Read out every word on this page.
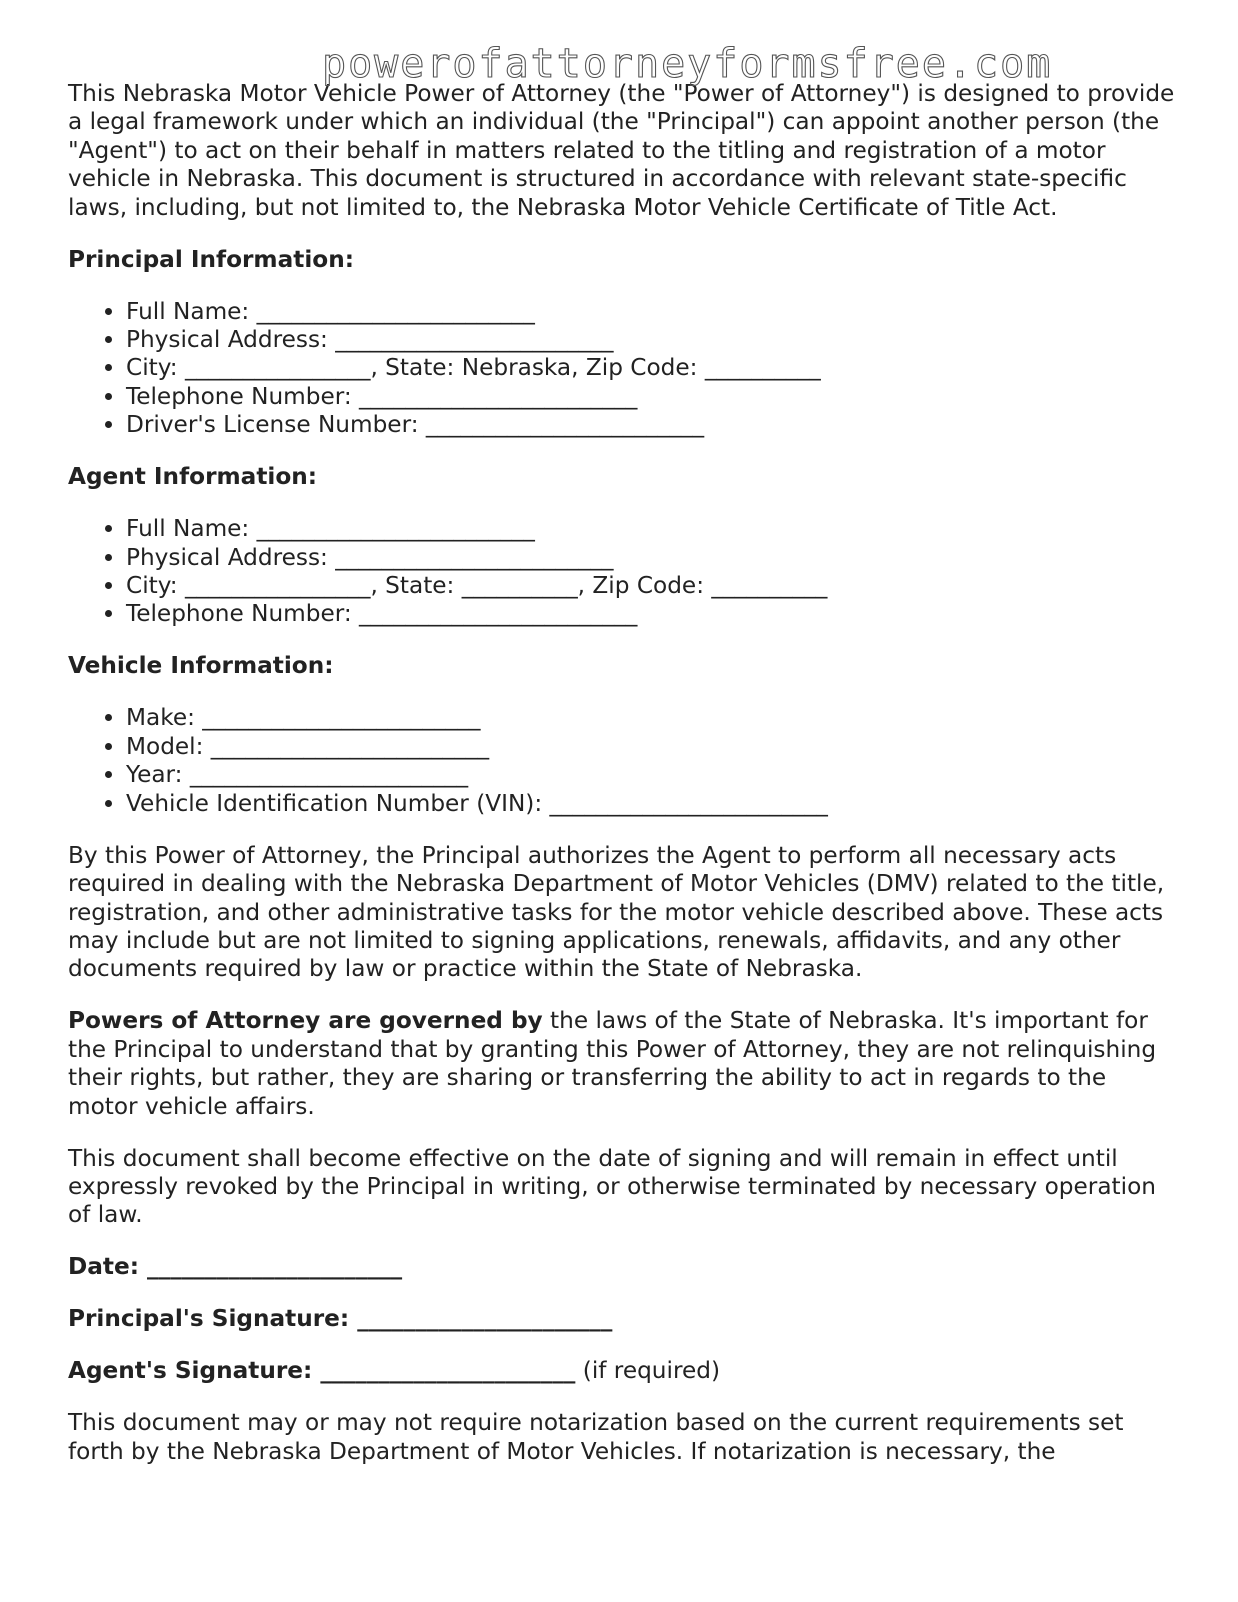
powerofattorneyformsfree.com

This Nebraska Motor Vehicle Power of Attorney (the "Power of Attorney") is designed to provide a legal framework under which an individual (the "Principal") can appoint another person (the "Agent") to act on their behalf in matters related to the titling and registration of a motor vehicle in Nebraska. This document is structured in accordance with relevant state-specific laws, including, but not limited to, the Nebraska Motor Vehicle Certificate of Title Act.

Principal Information:
• Full Name: ________________________
• Physical Address: ________________________
• City: ________________, State: Nebraska, Zip Code: __________
• Telephone Number: ________________________
• Driver's License Number: ________________________
Agent Information:
• Full Name: ________________________
• Physical Address: ________________________
• City: ________________, State: __________, Zip Code: __________
• Telephone Number: ________________________
Vehicle Information:
• Make: ________________________
• Model: ________________________
• Year: ________________________
• Vehicle Identification Number (VIN): ________________________

By this Power of Attorney, the Principal authorizes the Agent to perform all necessary acts required in dealing with the Nebraska Department of Motor Vehicles (DMV) related to the title, registration, and other administrative tasks for the motor vehicle described above. These acts may include but are not limited to signing applications, renewals, affidavits, and any other documents required by law or practice within the State of Nebraska.

Powers of Attorney are governed by the laws of the State of Nebraska. It's important for the Principal to understand that by granting this Power of Attorney, they are not relinquishing their rights, but rather, they are sharing or transferring the ability to act in regards to the motor vehicle affairs.

This document shall become effective on the date of signing and will remain in effect until expressly revoked by the Principal in writing, or otherwise terminated by necessary operation of law.

Date: ______________________
Principal's Signature: ______________________
Agent's Signature: ______________________ (if required)

This document may or may not require notarization based on the current requirements set forth by the Nebraska Department of Motor Vehicles. If notarization is necessary, the
